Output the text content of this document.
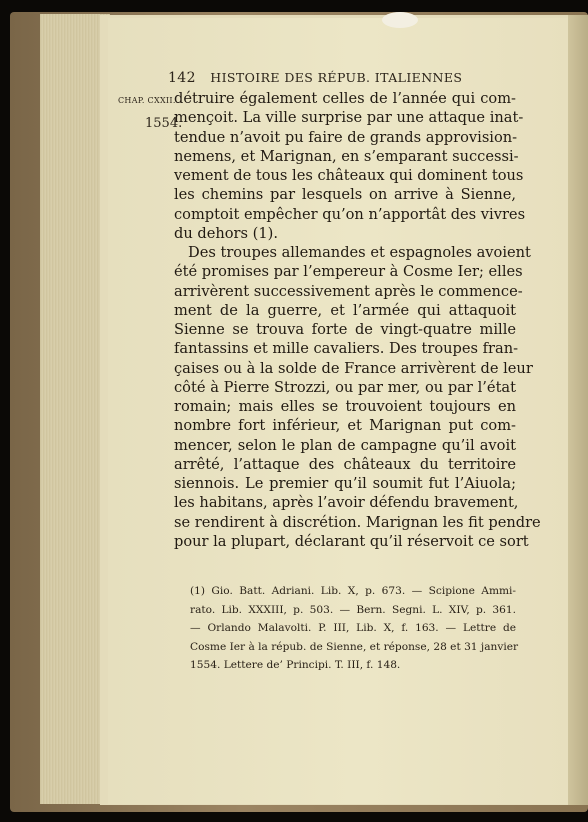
142 HISTOIRE DES RÉPUB. ITALIENNES
CHAP. CXXII.
1554.
détruire également celles de l’année qui com-
mençoit. La ville surprise par une attaque inat-
tendue n’avoit pu faire de grands approvision-
nemens, et Marignan, en s’emparant successi-
vement de tous les châteaux qui dominent tous
les chemins par lesquels on arrive à Sienne,
comptoit empêcher qu’on n’apportât des vivres
du dehors (1).
Des troupes allemandes et espagnoles avoient
été promises par l’empereur à Cosme Ier; elles
arrivèrent successivement après le commence-
ment de la guerre, et l’armée qui attaquoit
Sienne se trouva forte de vingt-quatre mille
fantassins et mille cavaliers. Des troupes fran-
çaises ou à la solde de France arrivèrent de leur
côté à Pierre Strozzi, ou par mer, ou par l’état
romain; mais elles se trouvoient toujours en
nombre fort inférieur, et Marignan put com-
mencer, selon le plan de campagne qu’il avoit
arrêté, l’attaque des châteaux du territoire
siennois. Le premier qu’il soumit fut l’Aiuola;
les habitans, après l’avoir défendu bravement,
se rendirent à discrétion. Marignan les fit pendre
pour la plupart, déclarant qu’il réservoit ce sort
(1) Gio. Batt. Adriani. Lib. X, p. 673. — Scipione Ammi-
rato. Lib. XXXIII, p. 503. — Bern. Segni. L. XIV, p. 361.
— Orlando Malavolti. P. III, Lib. X, f. 163. — Lettre de
Cosme Ier à la répub. de Sienne, et réponse, 28 et 31 janvier
1554. Lettere de’ Principi. T. III, f. 148.
